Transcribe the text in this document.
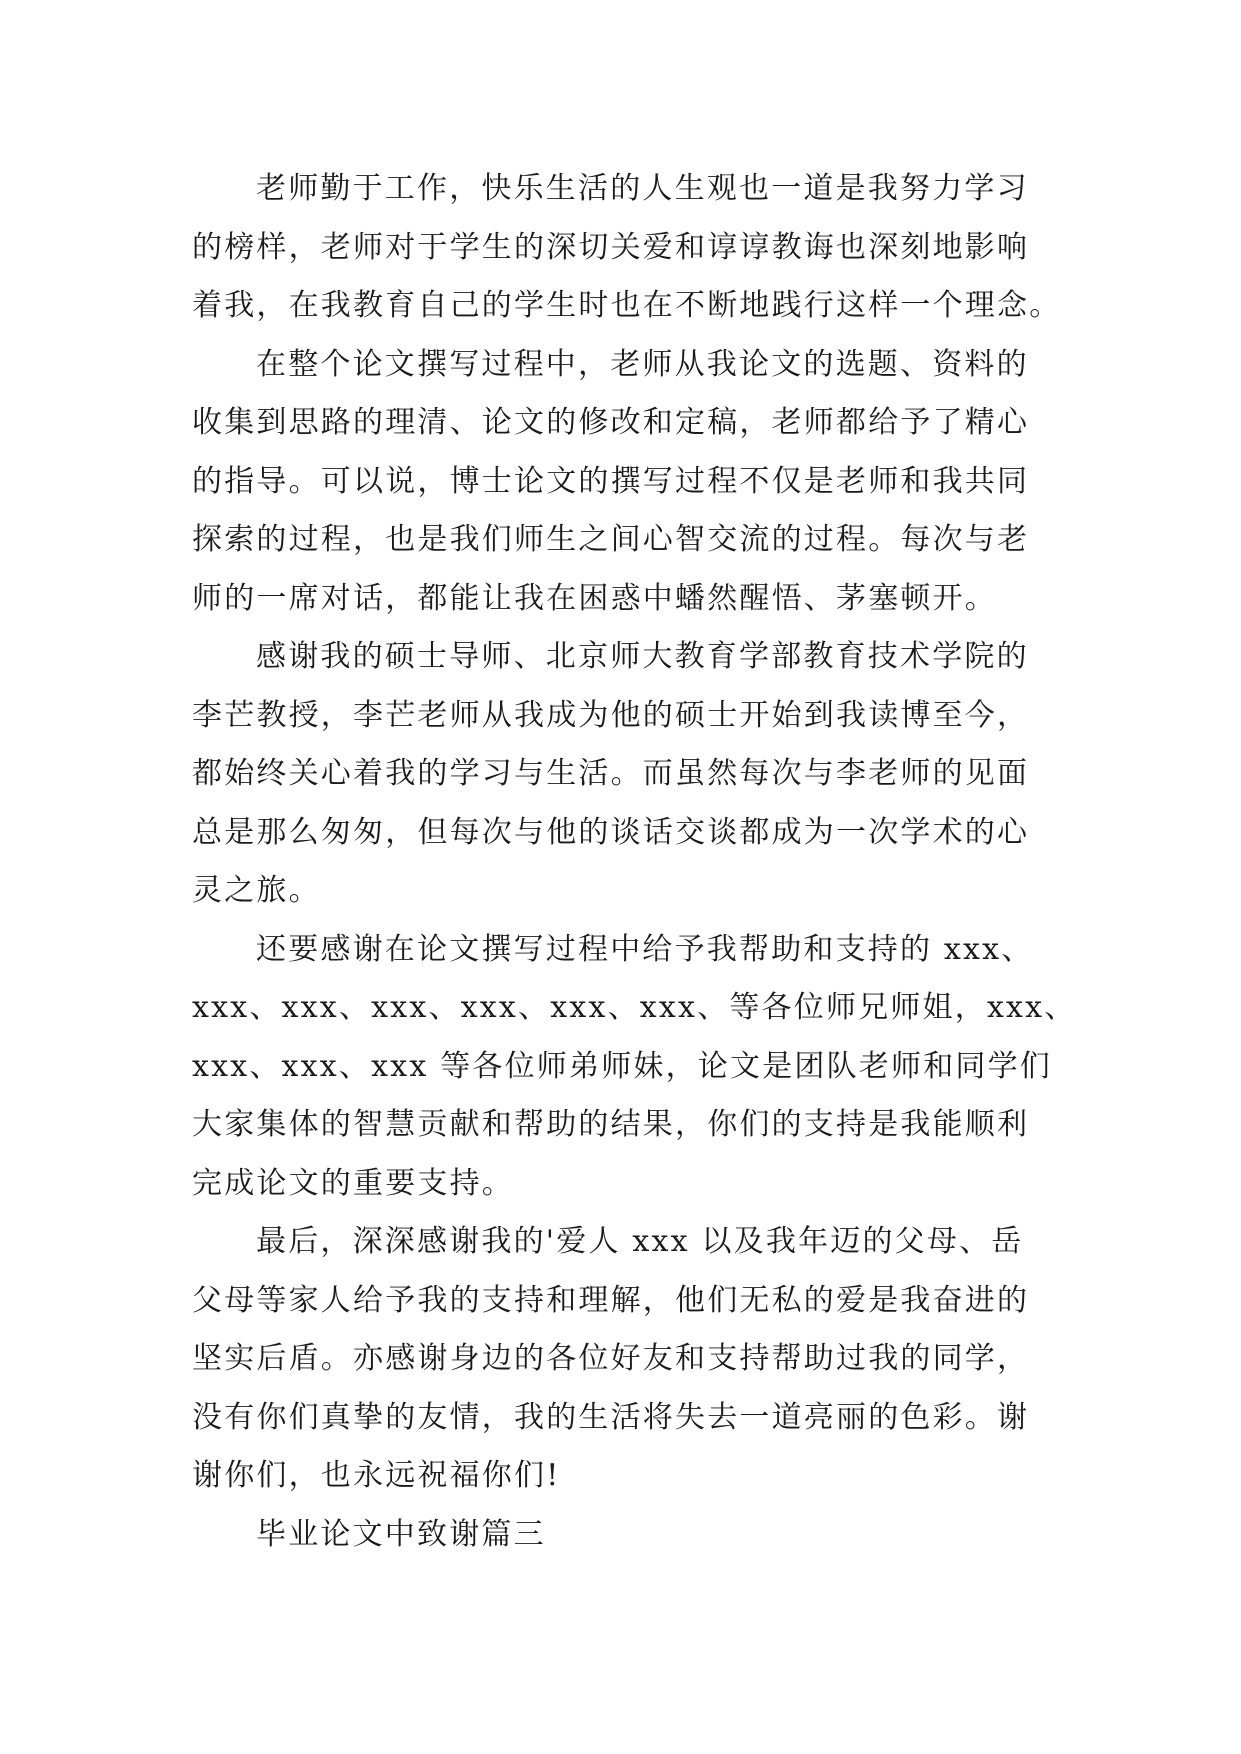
老师勤于工作，快乐生活的人生观也一道是我努力学习
的榜样，老师对于学生的深切关爱和谆谆教诲也深刻地影响
着我，在我教育自己的学生时也在不断地践行这样一个理念。
在整个论文撰写过程中，老师从我论文的选题、资料的
收集到思路的理清、论文的修改和定稿，老师都给予了精心
的指导。可以说，博士论文的撰写过程不仅是老师和我共同
探索的过程，也是我们师生之间心智交流的过程。每次与老
师的一席对话，都能让我在困惑中蟠然醒悟、茅塞顿开。
感谢我的硕士导师、北京师大教育学部教育技术学院的
李芒教授，李芒老师从我成为他的硕士开始到我读博至今，
都始终关心着我的学习与生活。而虽然每次与李老师的见面
总是那么匆匆，但每次与他的谈话交谈都成为一次学术的心
灵之旅。
还要感谢在论文撰写过程中给予我帮助和支持的 xxx、
xxx、xxx、xxx、xxx、xxx、xxx、等各位师兄师姐，xxx、
xxx、xxx、xxx 等各位师弟师妹，论文是团队老师和同学们
大家集体的智慧贡献和帮助的结果，你们的支持是我能顺利
完成论文的重要支持。
最后，深深感谢我的'爱人 xxx 以及我年迈的父母、岳
父母等家人给予我的支持和理解，他们无私的爱是我奋进的
坚实后盾。亦感谢身边的各位好友和支持帮助过我的同学，
没有你们真挚的友情，我的生活将失去一道亮丽的色彩。谢
谢你们，也永远祝福你们!
毕业论文中致谢篇三
